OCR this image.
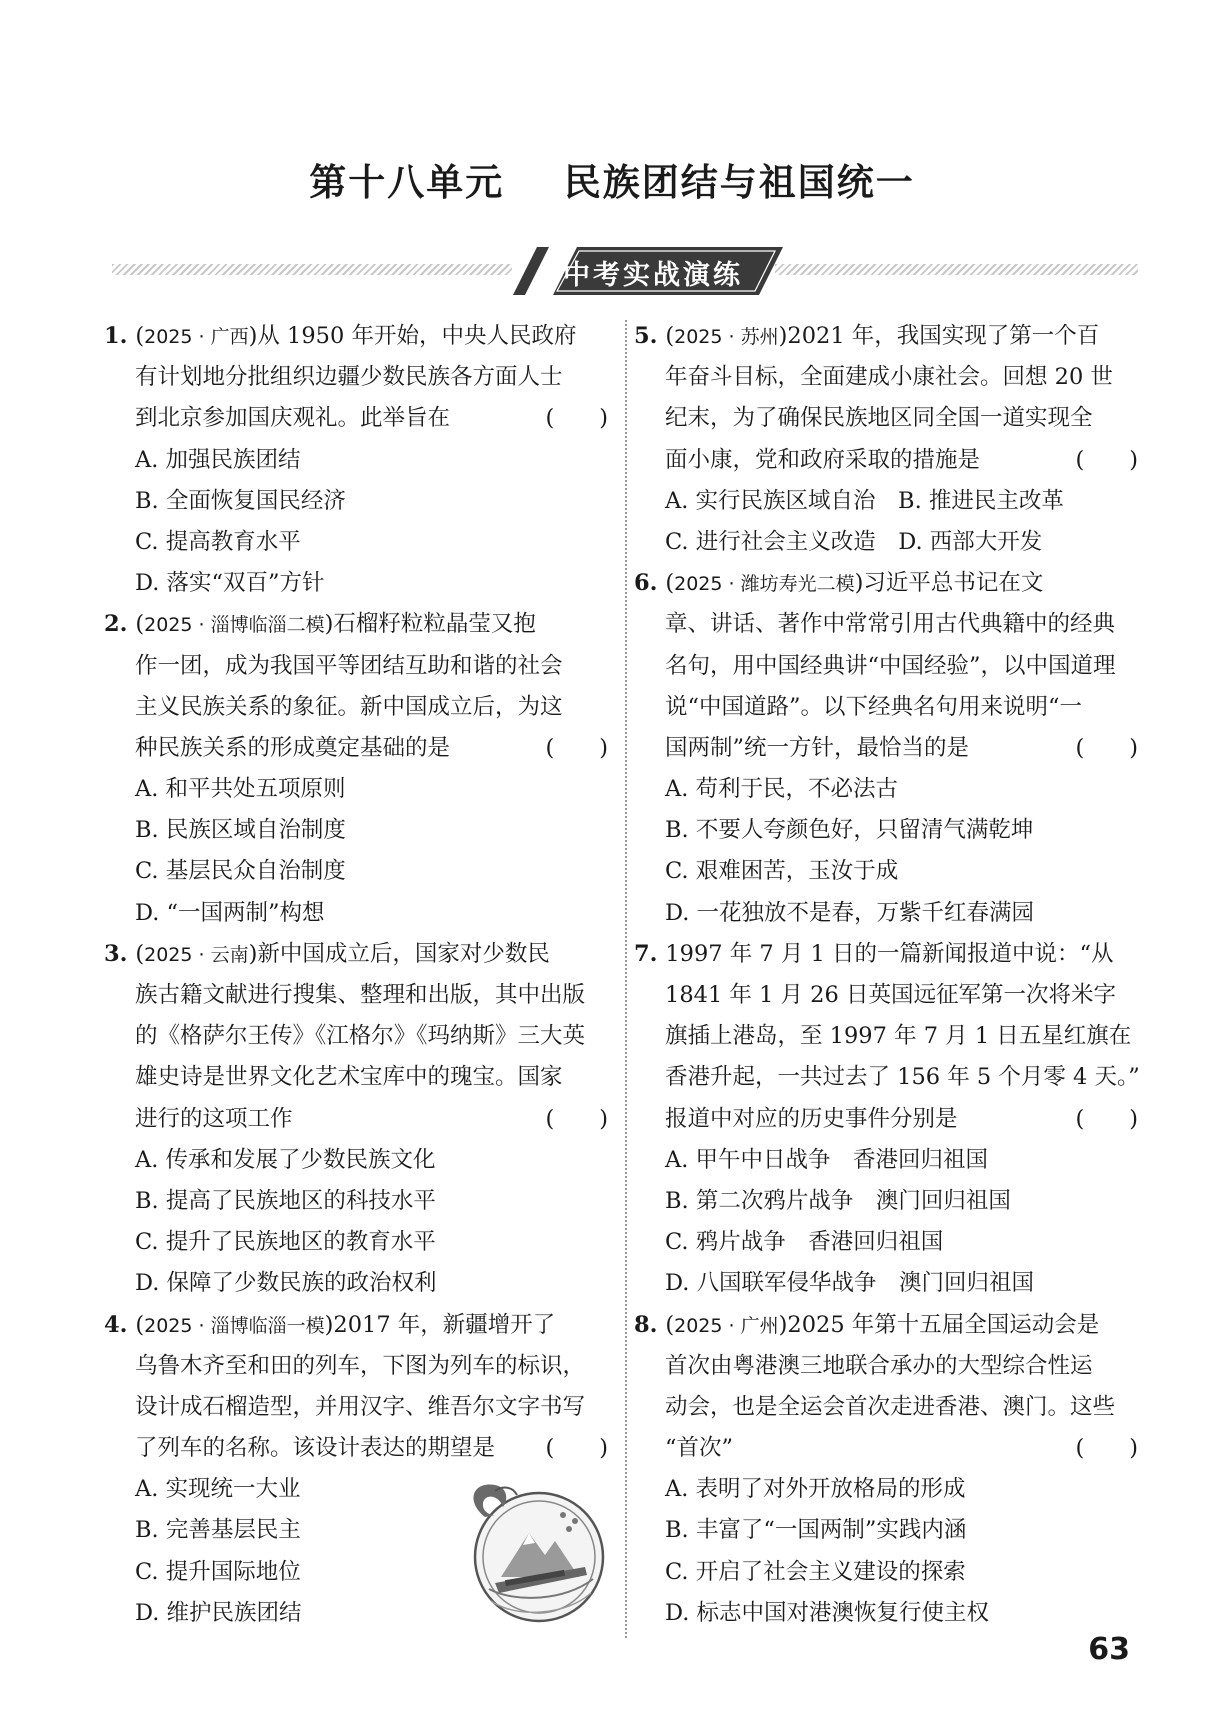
第十八单元    民族团结与祖国统一
中考实战演练
1. (2025 · 广西)从 1950 年开始，中央人民政府
有计划地分批组织边疆少数民族各方面人士
到北京参加国庆观礼。此举旨在	(　　)
A. 加强民族团结
B. 全面恢复国民经济
C. 提高教育水平
D. 落实“双百”方针
2. (2025 · 淄博临淄二模)石榴籽粒粒晶莹又抱
作一团，成为我国平等团结互助和谐的社会
主义民族关系的象征。新中国成立后，为这
种民族关系的形成奠定基础的是	(　　)
A. 和平共处五项原则
B. 民族区域自治制度
C. 基层民众自治制度
D. “一国两制”构想
3. (2025 · 云南)新中国成立后，国家对少数民
族古籍文献进行搜集、整理和出版，其中出版
的《格萨尔王传》《江格尔》《玛纳斯》三大英
雄史诗是世界文化艺术宝库中的瑰宝。国家
进行的这项工作	(　　)
A. 传承和发展了少数民族文化
B. 提高了民族地区的科技水平
C. 提升了民族地区的教育水平
D. 保障了少数民族的政治权利
4. (2025 · 淄博临淄一模)2017 年，新疆增开了
乌鲁木齐至和田的列车，下图为列车的标识，
设计成石榴造型，并用汉字、维吾尔文字书写
了列车的名称。该设计表达的期望是 (　　)
A. 实现统一大业
B. 完善基层民主
C. 提升国际地位
D. 维护民族团结
5. (2025 · 苏州)2021 年，我国实现了第一个百
年奋斗目标，全面建成小康社会。回想 20 世
纪末，为了确保民族地区同全国一道实现全
面小康，党和政府采取的措施是	(　　)
A. 实行民族区域自治　B. 推进民主改革
C. 进行社会主义改造　D. 西部大开发
6. (2025 · 潍坊寿光二模)习近平总书记在文
章、讲话、著作中常常引用古代典籍中的经典
名句，用中国经典讲“中国经验”，以中国道理
说“中国道路”。以下经典名句用来说明“一
国两制”统一方针，最恰当的是	(　　)
A. 苟利于民，不必法古
B. 不要人夸颜色好，只留清气满乾坤
C. 艰难困苦，玉汝于成
D. 一花独放不是春，万紫千红春满园
7. 1997 年 7 月 1 日的一篇新闻报道中说：“从
1841 年 1 月 26 日英国远征军第一次将米字
旗插上港岛，至 1997 年 7 月 1 日五星红旗在
香港升起，一共过去了 156 年 5 个月零 4 天。”
报道中对应的历史事件分别是	(　　)
A. 甲午中日战争　香港回归祖国
B. 第二次鸦片战争　澳门回归祖国
C. 鸦片战争　香港回归祖国
D. 八国联军侵华战争　澳门回归祖国
8. (2025 · 广州)2025 年第十五届全国运动会是
首次由粤港澳三地联合承办的大型综合性运
动会，也是全运会首次走进香港、澳门。这些
“首次”	(　　)
A. 表明了对外开放格局的形成
B. 丰富了“一国两制”实践内涵
C. 开启了社会主义建设的探索
D. 标志中国对港澳恢复行使主权
63
